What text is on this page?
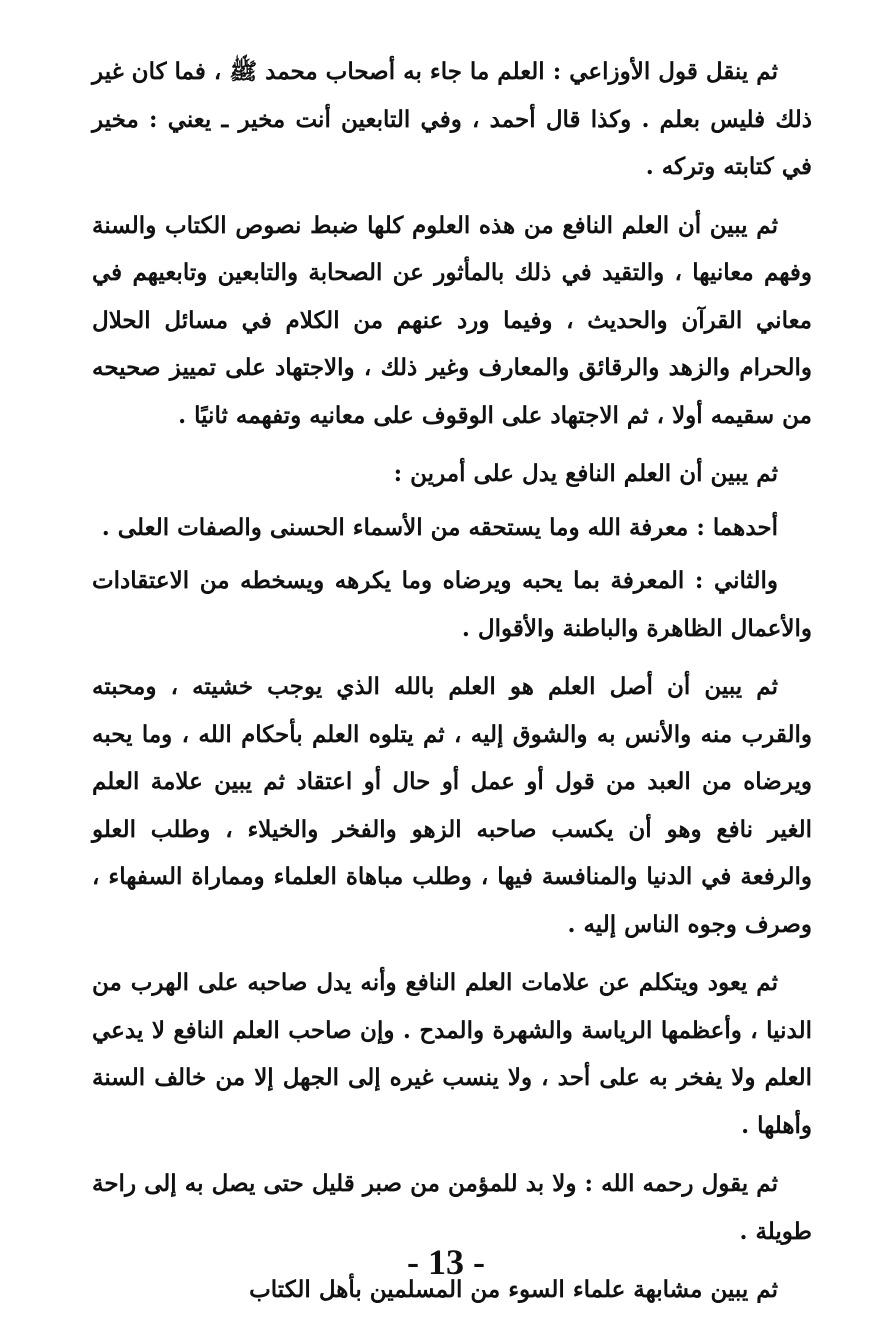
ثم ينقل قول الأوزاعي : العلم ما جاء به أصحاب محمد ﷺ ، فما كان غير ذلك فليس بعلم . وكذا قال أحمد ، وفي التابعين أنت مخير ـ يعني : مخير في كتابته وتركه .

ثم يبين أن العلم النافع من هذه العلوم كلها ضبط نصوص الكتاب والسنة وفهم معانيها ، والتقيد في ذلك بالمأثور عن الصحابة والتابعين وتابعيهم في معاني القرآن والحديث ، وفيما ورد عنهم من الكلام في مسائل الحلال والحرام والزهد والرقائق والمعارف وغير ذلك ، والاجتهاد على تمييز صحيحه من سقيمه أولا ، ثم الاجتهاد على الوقوف على معانيه وتفهمه ثانيًا .

ثم يبين أن العلم النافع يدل على أمرين :

أحدهما : معرفة الله وما يستحقه من الأسماء الحسنى والصفات العلى .

والثاني : المعرفة بما يحبه ويرضاه وما يكرهه ويسخطه من الاعتقادات والأعمال الظاهرة والباطنة والأقوال .

ثم يبين أن أصل العلم هو العلم بالله الذي يوجب خشيته ، ومحبته والقرب منه والأنس به والشوق إليه ، ثم يتلوه العلم بأحكام الله ، وما يحبه ويرضاه من العبد من قول أو عمل أو حال أو اعتقاد ثم يبين علامة العلم الغير نافع وهو أن يكسب صاحبه الزهو والفخر والخيلاء ، وطلب العلو والرفعة في الدنيا والمنافسة فيها ، وطلب مباهاة العلماء ومماراة السفهاء ، وصرف وجوه الناس إليه .

ثم يعود ويتكلم عن علامات العلم النافع وأنه يدل صاحبه على الهرب من الدنيا ، وأعظمها الرياسة والشهرة والمدح . وإن صاحب العلم النافع لا يدعي العلم ولا يفخر به على أحد ، ولا ينسب غيره إلى الجهل إلا من خالف السنة وأهلها .

ثم يقول رحمه الله : ولا بد للمؤمن من صبر قليل حتى يصل به إلى راحة طويلة .

ثم يبين مشابهة علماء السوء من المسلمين بأهل الكتاب

- 13 -
